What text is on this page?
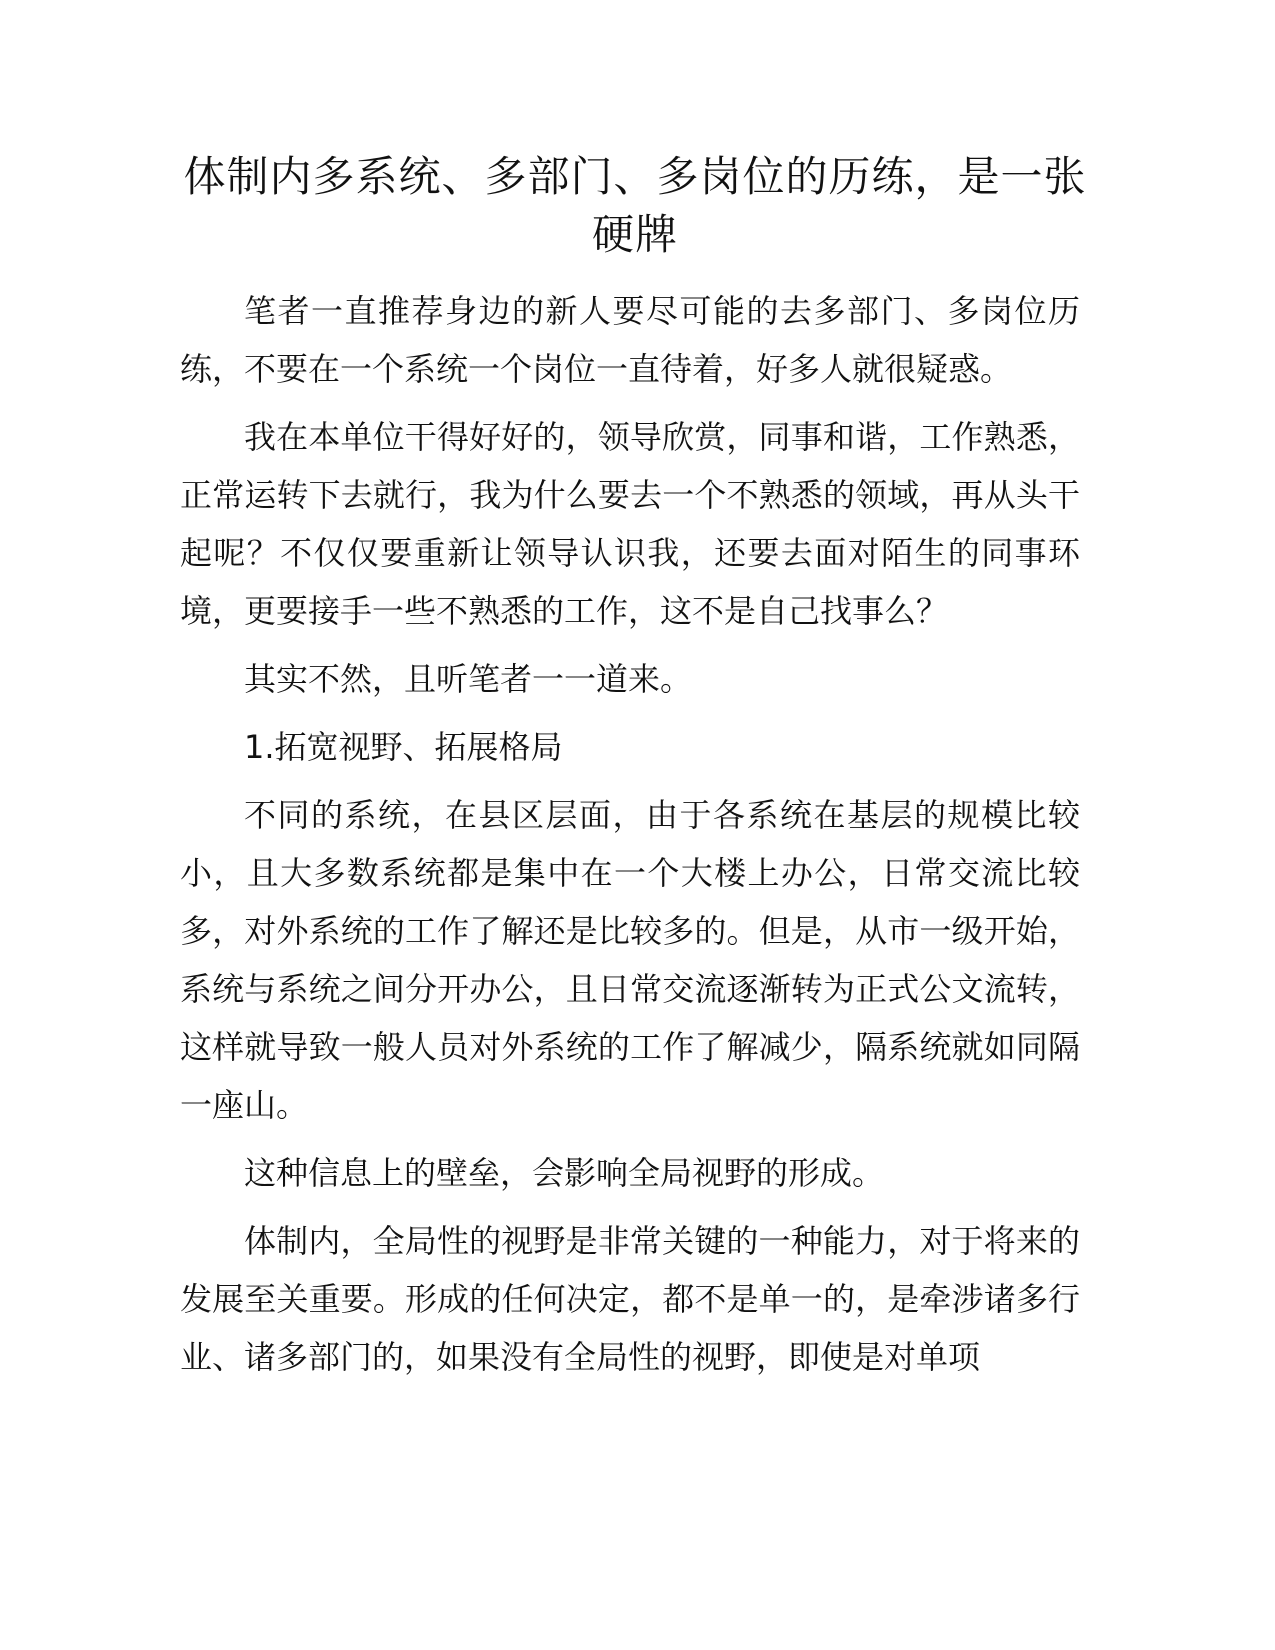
体制内多系统、多部门、多岗位的历练，是一张硬牌

笔者一直推荐身边的新人要尽可能的去多部门、多岗位历练，不要在一个系统一个岗位一直待着，好多人就很疑惑。

我在本单位干得好好的，领导欣赏，同事和谐，工作熟悉，正常运转下去就行，我为什么要去一个不熟悉的领域，再从头干起呢？不仅仅要重新让领导认识我，还要去面对陌生的同事环境，更要接手一些不熟悉的工作，这不是自己找事么？

其实不然，且听笔者一一道来。

1.拓宽视野、拓展格局

不同的系统，在县区层面，由于各系统在基层的规模比较小，且大多数系统都是集中在一个大楼上办公，日常交流比较多，对外系统的工作了解还是比较多的。但是，从市一级开始，系统与系统之间分开办公，且日常交流逐渐转为正式公文流转，这样就导致一般人员对外系统的工作了解减少，隔系统就如同隔一座山。

这种信息上的壁垒，会影响全局视野的形成。

体制内，全局性的视野是非常关键的一种能力，对于将来的发展至关重要。形成的任何决定，都不是单一的，是牵涉诸多行业、诸多部门的，如果没有全局性的视野，即使是对单项
